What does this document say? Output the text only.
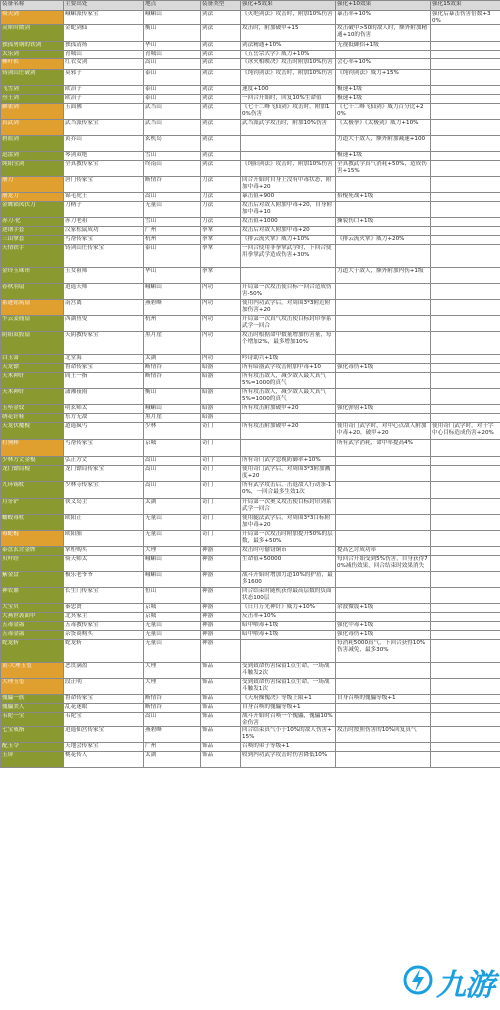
装备名称	主要出处	地点	装备类型	强化+5效果	强化+10效果	强化15效果
倚天剑	峨嵋派传家宝	峨嵋山	剑法	《灭绝剑法》攻击时，附加10%伤害	暴击率+10%	强化后暴击伤害倍数+30%
灵犀时微剑	金蛇剑仙	衡山	剑法	攻击时，附加破甲+15	攻击破甲>50的敌人时，额外附加精通+10的伤害	
独孤勇钢的铁剑	独孤清扬	华山	剑法	剑法精通+10%	无视抵御招+1级	
太乐剑	青城山	青城山	剑法	《五岳宗式学》威力+10%		
柳叶似	红衣女剑	嵩山	剑法	《冰火相映决》攻击时附加10%伤害	会心率+10%	
铸剑山庄破剑	莫邪子	泰山	剑法	《纯钧剑法》攻击时，附加10%伤害	《纯钧剑法》威力+15%	
飞雪剑	欧冶子	泰山	剑法	速度+100	极速+1级	
叁王剑	欧冶子	泰山	剑法	一回合开始时，回复10%生命值	极速+1级	
雁雀剑	玉面佛	武当山	剑法	《七十二峰飞仙剑》攻击时，附加10%伤害	《七十二峰飞仙剑》威力百分比+20%	
真武剑	武当派传家宝	武当山	剑法	武当派武学攻击时，附加10%伤害	《太极拳》《太极剑》威力+10%	
碧血剑	黄乔山	玄机岛	剑法		力道大于敌人，额外附加减速+100	
迅雷剑	琴剑双绝	雪山	剑法		极速+1级	
纯阳宝剑	全真教传家宝	终南山	剑法	《纯阳剑法》攻击时，附加10%伤害	全真教武学真气消耗+50%，造成伤害+15%	
屠刀	唐门传家宝	断情谷	刀法	回合开始时自身上没有中毒状态，附加中毒+20		
屠龙刀	锦毛虎王	嵩山	刀法	暴击值+900	抬棍死战+1级	
金鹰锁凤伏刀	刀柄子	无量山	刀法	攻击后对敌人附加中毒+20，自身附加中毒+10		
赤刀·化	赤刀老祖	雪山	刀法	攻击值+1000	撕裂伤口+1级	
逆钢手套	汉家松鼠成功	广州	拳掌	攻击后对敌人附加中毒+20		
三山掌套	丐帮传家宝	杭州	拳掌	《排云流火掌》威力+10%	《排云流火掌》威力+20%	
天情铁手	铸剑山庄传家宝	泰山	拳掌	一回合使用非拳掌武学时，下回合使用拳掌武学造成伤害+30%		
金玲玉珠串	玉女祖师	华山	拳掌		力道大于敌人，额外附加内伤+1级	
春秋羽扇	逍遥天师	峨嵋山	内功	开局第一次攻击使目标一回合造成伤害-50%		
系迹铭筑扇	南宫离	燕碧峰	内功	使用内功武学后，对周围3*3附近附加伤害+20		
乍云姜俑扇	西湖鱼叟	杭州	内功	开局第一次真气攻击使目标封印拳系武学一回合		
阴阳双股扇	天阴教传家宝	黑月崖	内功	攻击时根据命中数量增加伤害量，每个增加2%，最多增加10%		
白玉箫	北堂海	太湖	内功	吟诗助兴+1级		
天龙镖	鲁命传家宝	断情谷	暗器	所有暗器武学攻击附加中毒+10	强化毒伤+1级	
天木神针	阎王一指	断情谷	暗器	所有攻击敌人，减少敌人最大真气5%=1000的真气		
天木神针	潇湘夜雨	衡山	暗器	所有攻击敌人，减少敌人最大真气5%=1000的真气		
玉坠金钗	明玄师太	峨嵋山	暗器	所有攻击附加破甲+20	强化弹射+1级	
绣花针鞋	东方无敌	黑月崖	暗器			
天龙伏魔棍	道遥疯丐	少林	奇门	所有攻击附加破甲+20	使用奇门武学时，对中心点敌人附加中毒+20，破甲+20	使用奇门武学时，对十字中心目标造成伤害+20%
打狗棒	丐帮传家宝	京城	奇门		所有武学消耗，命中率提高4%	
少林方丈金棍	弘正方丈	嵩山	奇门	所有奇门武学忽视防御率+10%		
龙门镖局棍	龙门镖局传家宝	嵩山	奇门	使用奇门武学后，对周围3*3附加溅度+20		
九环锡杖	少林寺传家宝	嵩山	奇门	所有武学攻击后，击退敌人行动条-10%，一回合最多生效1次		
月牙铲	侠义岛主	太湖	奇门	开局第一次奥义攻击使目标封印剑系武学一回合		
蟠蛟毒杖	欧阳正	无量山	奇门	使用腿法武学后，对周围3*3目标附加中毒+20		
毒蛇棍	欧阳胎	无量山	奇门	开局第一次攻击时附加提升50%的层数，最多+50%		
泰盘玄讨金牌	掌柜购买	大理	神器	攻击时可偷窃铜币	提高乞讨成功率	
贝叶经	倚天师太	峨嵋山	神器	生命值+50000	每回合开始受到5%伤害，自身获得70%减伤效果，回合结束时效果消失	
紫金盘	极乐老爷爷	峨嵋山	神器	战斗开始时增加力道10%的护盾，最多1600		
神农鼎	长生门传家宝	恒山	神器	回合结束时随机获得最高层数的负面状态100层		
大宝贝	秦忠贤	京城	神器	《日月万光神针》威力+10%	余波微震+1级	
大燕世袭面甲	北冥家主	京城	神器	反击率+10%		
五毒金蛊	五毒教传家宝	无量山	神器	暗中喂毒+1级	强化中毒+1级	
五毒金蛊	杂货商购买	无量山	神器	暗中喂毒+1级	强化毒伤+1级	
蛇龙斩	蛇龙斩	无量山	神器		每消耗5000真气，下回合获得10%伤害减免，最多30%	
黄·大理玉玺	恶贯满盈	大理	饰品	受到致命伤害保留1点生命，一场战斗触发2次		
大理玉玺	段正明	大理	饰品	受到致命伤害保留1点生命，一场战斗触发1次		
傀儡一族	鲁命传家宝	断情谷	饰品	《天府操傀决》等级上限+1	自身召唤的傀儡等级+1	
傀儡美人	乱花迷眼	断情谷	饰品	自身召唤的傀儡等级+1		
韦陀一宝	韦陀宝	嵩山	饰品	战斗开始时召唤一个傀儡，傀儡10%金伤害		
七宝戒指	逍遥仙宫传家宝	燕碧峰	饰品	回合结束真气小于10%的敌人伤害+15%	攻击时按照伤害的10%回复真气	
配玉令	天地会传家宝	广州	饰品	召唤的弟子等级+1		
玉屏	桃花传人	太湖	饰品	收到内功武学攻击时伤害降低10%		
九游
